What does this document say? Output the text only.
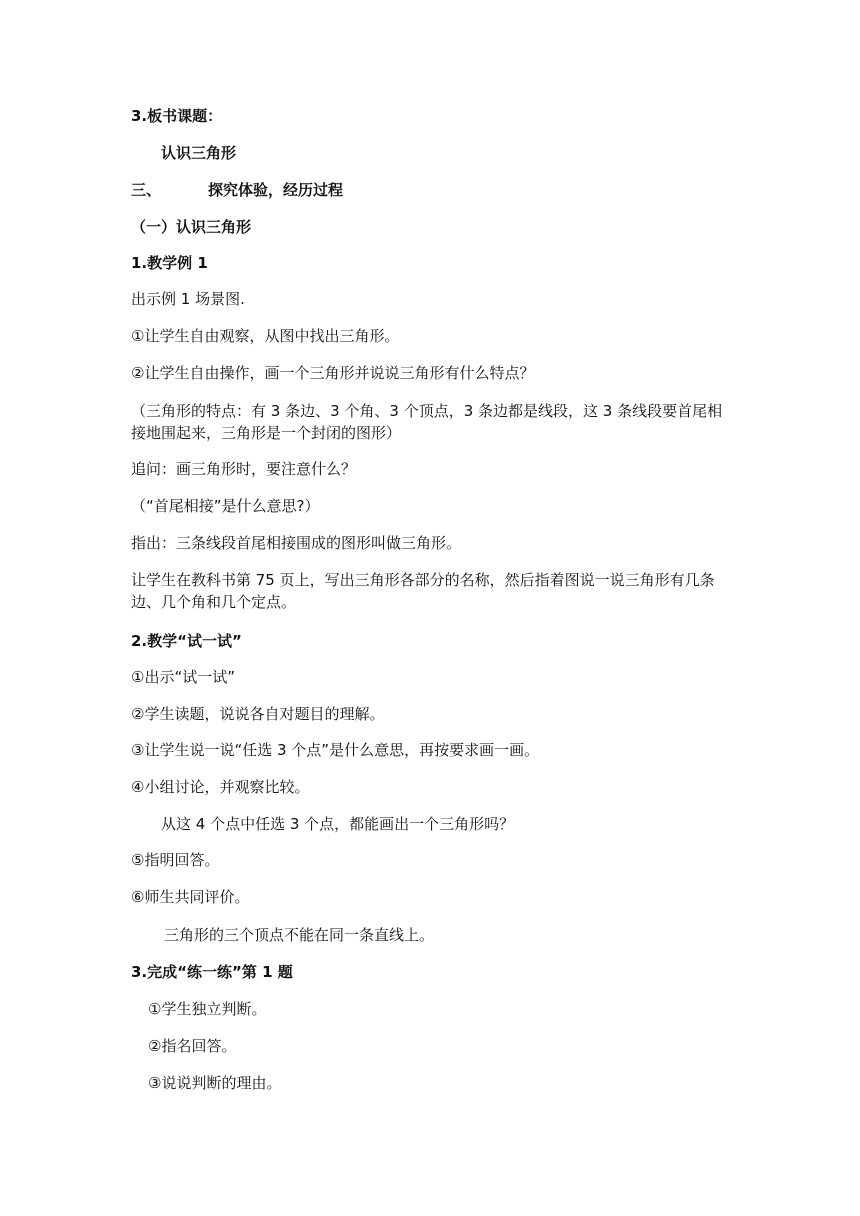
3.板书课题：
认识三角形
三、	探究体验，经历过程
（一）认识三角形
1.教学例 1
出示例 1 场景图.
①让学生自由观察，从图中找出三角形。
②让学生自由操作，画一个三角形并说说三角形有什么特点？
（三角形的特点：有 3 条边、3 个角、3 个顶点，3 条边都是线段，这 3 条线段要首尾相接地围起来，三角形是一个封闭的图形）
追问：画三角形时，要注意什么？
（“首尾相接”是什么意思?）
指出：三条线段首尾相接围成的图形叫做三角形。
让学生在教科书第 75 页上，写出三角形各部分的名称，然后指着图说一说三角形有几条边、几个角和几个定点。
2.教学“试一试”
①出示“试一试”
②学生读题，说说各自对题目的理解。
③让学生说一说“任选 3 个点”是什么意思，再按要求画一画。
④小组讨论，并观察比较。
从这 4 个点中任选 3 个点，都能画出一个三角形吗？
⑤指明回答。
⑥师生共同评价。
三角形的三个顶点不能在同一条直线上。
3.完成“练一练”第 1 题
①学生独立判断。
②指名回答。
③说说判断的理由。
